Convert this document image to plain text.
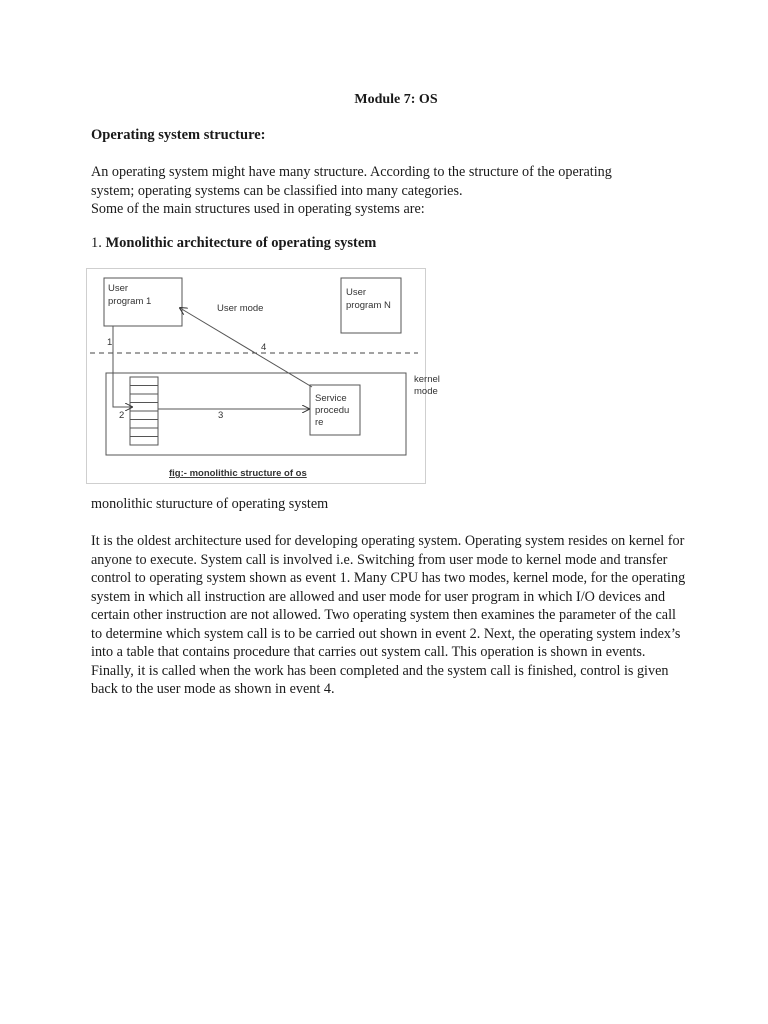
Module 7: OS
Operating system structure:
An operating system might have many structure. According to the structure of the operating
system; operating systems can be classified into many categories.
Some of the main structures used in operating systems are:
1. Monolithic architecture of operating system
User
program 1
User
program N
User mode
kernel
mode
Service
procedu
re
1
2	3
4
fig:- monolithic structure of os
monolithic sturucture of operating system
It is the oldest architecture used for developing operating system. Operating system resides on kernel for anyone to execute. System call is involved i.e. Switching from user mode to kernel mode and transfer control to operating system shown as event 1. Many CPU has two modes, kernel mode, for the operating system in which all instruction are allowed and user mode for user program in which I/O devices and certain other instruction are not allowed. Two operating system then examines the parameter of the call to determine which system call is to be carried out shown in event 2. Next, the operating system index’s into a table that contains procedure that carries out system call. This operation is shown in events. Finally, it is called when the work has been completed and the system call is finished, control is given back to the user mode as shown in event 4.
